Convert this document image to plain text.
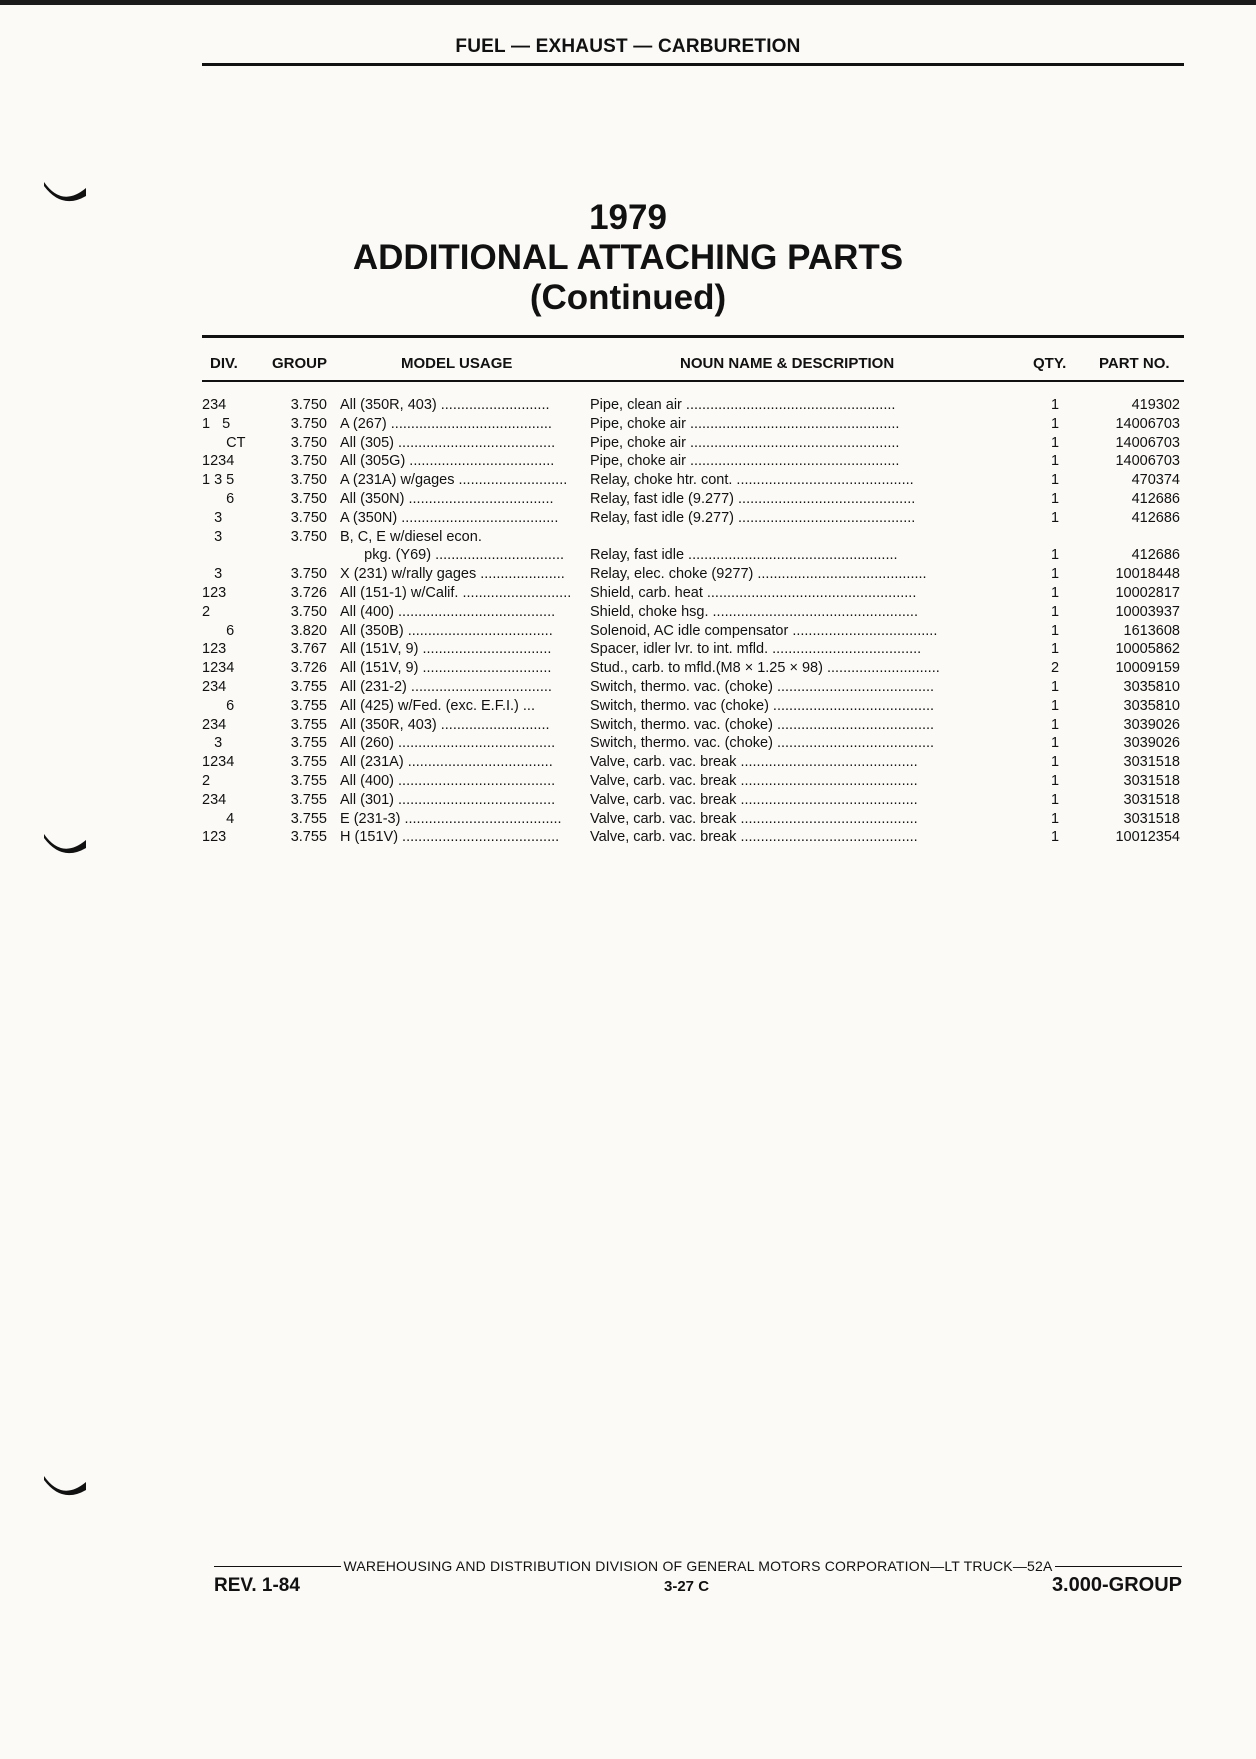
FUEL — EXHAUST — CARBURETION
1979
ADDITIONAL ATTACHING PARTS
(Continued)
DIV. GROUP	MODEL USAGE	NOUN NAME & DESCRIPTION	QTY. PART NO.
234	3.750 All (350R, 403) ...........................	Pipe, clean air ....................................................	1	419302
1   5	3.750 A (267) ........................................	Pipe, choke air ....................................................	1	14006703
CT	3.750 All (305) .......................................	Pipe, choke air ....................................................	1	14006703
1234	3.750 All (305G) ....................................	Pipe, choke air ....................................................	1	14006703
1 3 5	3.750 A (231A) w/gages ...........................	Relay, choke htr. cont. ............................................	1	470374
6	3.750 All (350N) ....................................	Relay, fast idle (9.277) ............................................	1	412686
3	3.750 A (350N) .......................................	Relay, fast idle (9.277) ............................................	1	412686
3	3.750 B, C, E w/diesel econ.
pkg. (Y69) ................................	Relay, fast idle ....................................................	1	412686
3	3.750 X (231) w/rally gages .....................	Relay, elec. choke (9277) ..........................................	1	10018448
123	3.726 All (151-1) w/Calif. ...........................	Shield, carb. heat ....................................................	1	10002817
2	3.750 All (400) .......................................	Shield, choke hsg. ...................................................	1	10003937
6	3.820 All (350B) ....................................	Solenoid, AC idle compensator ....................................	1	1613608
123	3.767 All (151V, 9) ................................	Spacer, idler lvr. to int. mfld. .....................................	1	10005862
1234	3.726 All (151V, 9) ................................	Stud., carb. to mfld.(M8 × 1.25 × 98) ............................	2	10009159
234	3.755 All (231-2) ...................................	Switch, thermo. vac. (choke) .......................................	1	3035810
6	3.755 All (425) w/Fed. (exc. E.F.I.) ...	Switch, thermo. vac (choke) ........................................	1	3035810
234	3.755 All (350R, 403) ...........................	Switch, thermo. vac. (choke) .......................................	1	3039026
3	3.755 All (260) .......................................	Switch, thermo. vac. (choke) .......................................	1	3039026
1234	3.755 All (231A) ....................................	Valve, carb. vac. break ............................................	1	3031518
2	3.755 All (400) .......................................	Valve, carb. vac. break ............................................	1	3031518
234	3.755 All (301) .......................................	Valve, carb. vac. break ............................................	1	3031518
4	3.755 E (231-3) .......................................	Valve, carb. vac. break ............................................	1	3031518
123	3.755 H (151V) .......................................	Valve, carb. vac. break ............................................	1	10012354
WAREHOUSING AND DISTRIBUTION DIVISION OF GENERAL MOTORS CORPORATION—LT TRUCK—52A
REV. 1-84	3-27 C	3.000-GROUP
